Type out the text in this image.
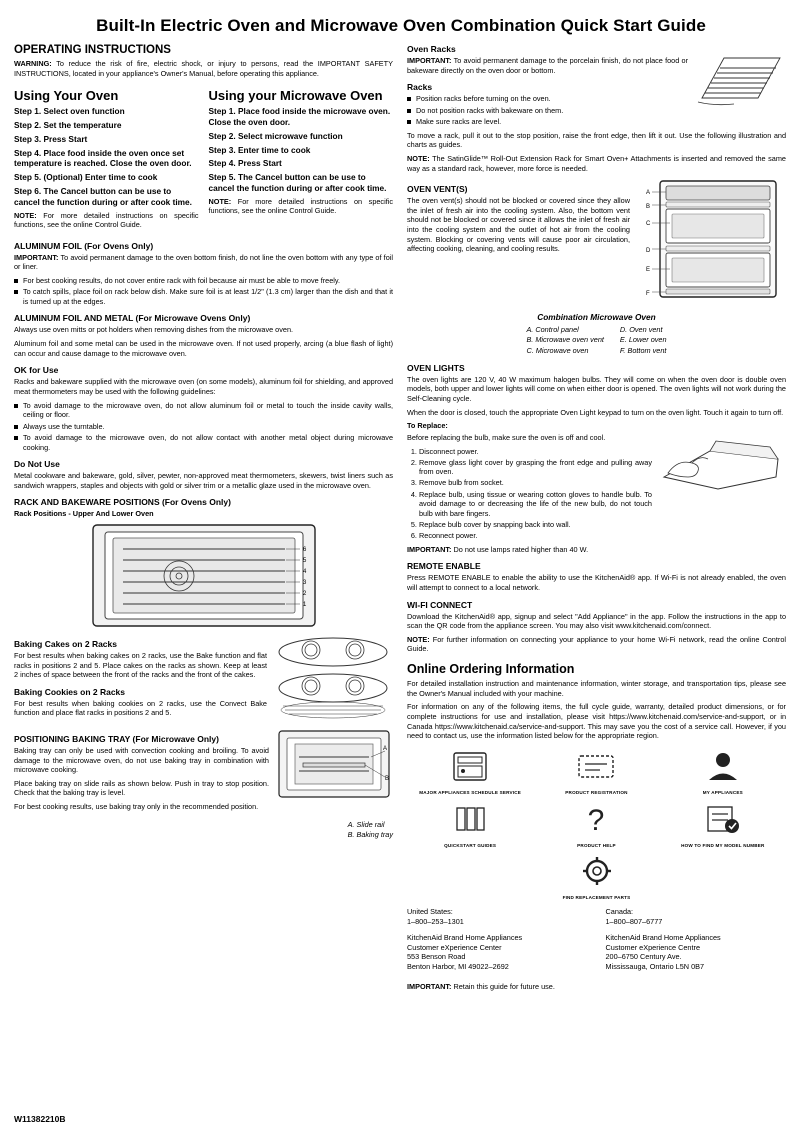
Built-In Electric Oven and Microwave Oven Combination Quick Start Guide
OPERATING INSTRUCTIONS

WARNING: To reduce the risk of fire, electric shock, or injury to persons, read the IMPORTANT SAFETY INSTRUCTIONS, located in your appliance's Owner's Manual, before operating this appliance.

Using Your Oven
Step 1. Select oven function
Step 2. Set the temperature
Step 3. Press Start
Step 4. Place food inside the oven once set temperature is reached. Close the oven door.
Step 5. (Optional) Enter time to cook
Step 6. The Cancel button can be use to cancel the function during or after cook time.

NOTE: For more detailed instructions on specific functions, see the online Control Guide.

Using your Microwave Oven
Step 1. Place food inside the microwave oven. Close the oven door.
Step 2. Select microwave function
Step 3. Enter time to cook
Step 4. Press Start
Step 5. The Cancel button can be use to cancel the function during or after cook time.

NOTE: For more detailed instructions on specific functions, see the online Control Guide.

ALUMINUM FOIL (For Ovens Only)

IMPORTANT: To avoid permanent damage to the oven bottom finish, do not line the oven bottom with any type of foil or liner.

For best cooking results, do not cover entire rack with foil because air must be able to move freely.
To catch spills, place foil on rack below dish. Make sure foil is at least 1/2" (1.3 cm) larger than the dish and that it is turned up at the edges.
ALUMINUM FOIL AND METAL (For Microwave Ovens Only)

Always use oven mitts or pot holders when removing dishes from the microwave oven.

Aluminum foil and some metal can be used in the microwave oven. If not used properly, arcing (a blue flash of light) can occur and cause damage to the microwave oven.

OK for Use

Racks and bakeware supplied with the microwave oven (on some models), aluminum foil for shielding, and approved meat thermometers may be used with the following guidelines:

To avoid damage to the microwave oven, do not allow aluminum foil or metal to touch the inside cavity walls, ceiling or floor.
Always use the turntable.
To avoid damage to the microwave oven, do not allow contact with another metal object during microwave cooking.
Do Not Use

Metal cookware and bakeware, gold, silver, pewter, non-approved meat thermometers, skewers, twist liners such as sandwich wrappers, staples and objects with gold or silver trim or a metallic glaze used in the microwave oven.

RACK AND BAKEWARE POSITIONS (For Ovens Only)

Rack Positions - Upper And Lower Oven

6
5
4
3
2
1
Baking Cakes on 2 Racks

For best results when baking cakes on 2 racks, use the Bake function and flat racks in positions 2 and 5. Place cakes on the racks as shown. Keep at least 2 inches of space between the front of the racks and the front of the cakes.

Baking Cookies on 2 Racks

For best results when baking cookies on 2 racks, use the Convect Bake function and place flat racks in positions 2 and 5.

A
B
POSITIONING BAKING TRAY (For Microwave Only)

Baking tray can only be used with convection cooking and broiling. To avoid damage to the microwave oven, do not use baking tray in combination with microwave cooking.

Place baking tray on slide rails as shown below. Push in tray to stop position. Check that the baking tray is level.

For best cooking results, use baking tray only in the recommended position.

A. Slide rail
B. Baking tray
Oven Racks

IMPORTANT: To avoid permanent damage to the porcelain finish, do not place food or bakeware directly on the oven door or bottom.

Racks
Position racks before turning on the oven.
Do not position racks with bakeware on them.
Make sure racks are level.

To move a rack, pull it out to the stop position, raise the front edge, then lift it out. Use the following illustration and charts as guides.

NOTE: The SatinGlide™ Roll-Out Extension Rack for Smart Oven+ Attachments is inserted and removed the same way as a standard rack, however, more force is needed.

A
B
C
D
E
F
OVEN VENT(S)

The oven vent(s) should not be blocked or covered since they allow the inlet of fresh air into the cooling system. Also, the bottom vent should not be blocked or covered since it allows the inlet of fresh air into the cooling system and the outlet of hot air from the cooling system. Blocking or covering vents will cause poor air circulation, affecting cooking, cleaning, and cooling results.

Combination Microwave Oven
A. Control panel
B. Microwave oven vent
C. Microwave oven
D. Oven vent
E. Lower oven
F. Bottom vent
OVEN LIGHTS

The oven lights are 120 V, 40 W maximum halogen bulbs. They will come on when the oven door is double oven models, both upper and lower lights will come on when either door is opened. The oven lights will not work during the Self-Cleaning cycle.

When the door is closed, touch the appropriate Oven Light keypad to turn on the oven light. Touch it again to turn off.

To Replace:

Before replacing the bulb, make sure the oven is off and cool.

1. Disconnect power.
2. Remove glass light cover by grasping the front edge and pulling away from oven.
3. Remove bulb from socket.
4. Replace bulb, using tissue or wearing cotton gloves to handle bulb. To avoid damage to or decreasing the life of the new bulb, do not touch bulb with bare fingers.
5. Replace bulb cover by snapping back into wall.
6. Reconnect power.

IMPORTANT: Do not use lamps rated higher than 40 W.

REMOTE ENABLE

Press REMOTE ENABLE to enable the ability to use the KitchenAid® app. If Wi-Fi is not already enabled, the oven will attempt to connect to a local network.

WI-FI CONNECT

Download the KitchenAid® app, signup and select "Add Appliance" in the app. Follow the instructions in the app to scan the QR code from the appliance screen. You may also visit www.kitchenaid.com/connect.

NOTE: For further information on connecting your appliance to your home Wi-Fi network, read the online Control Guide.

Online Ordering Information

For detailed installation instruction and maintenance information, winter storage, and transportation tips, please see the Owner's Manual included with your machine.

For information on any of the following items, the full cycle guide, warranty, detailed product dimensions, or for complete instructions for use and installation, please visit https://www.kitchenaid.com/service-and-support, or in Canada https://www.kitchenaid.ca/service-and-support. This may save you the cost of a service call. However, if you need to contact us, use the information listed below for the appropriate region.

MAJOR APPLIANCES SCHEDULE SERVICE	PRODUCT REGISTRATION	MY APPLIANCES
QUICKSTART GUIDES
?
PRODUCT HELP	HOW TO FIND MY MODEL NUMBER
FIND REPLACEMENT PARTS
United States:
1–800–253–1301
KitchenAid Brand Home Appliances
Customer eXperience Center
553 Benson Road
Benton Harbor, MI 49022–2692
Canada:
1–800–807–6777
KitchenAid Brand Home Appliances
Customer eXperience Centre
200–6750 Century Ave.
Mississauga, Ontario L5N 0B7

IMPORTANT: Retain this guide for future use.

W11382210B
